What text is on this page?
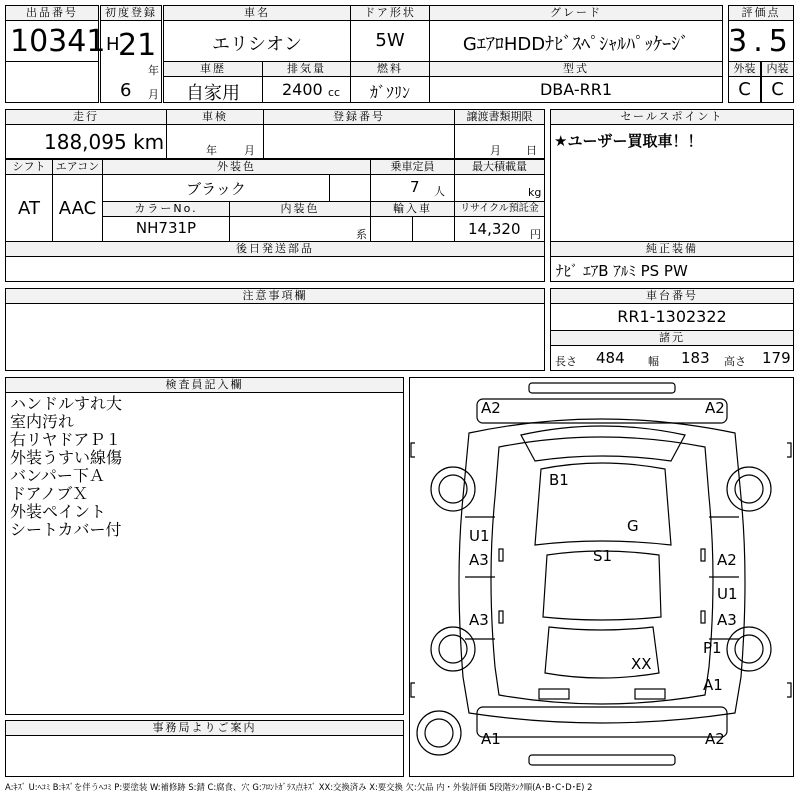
出品番号
10341
初度登録
H
21
年
6 月
車名
エリシオン
ドア形状
5W
グレード
GｴｱﾛHDDﾅﾋﾞｽﾍﾟｼｬﾙﾊﾟｯｹｰｼﾞ
評価点
3.5
車歴
自家用
排気量
2400 cc
燃料
ｶﾞｿﾘﾝ
型式
DBA-RR1
外装
C
内装
C
走行
188,095 km
車検
年 月
登録番号	譲渡書類期限
月 日
セールスポイント
★ユーザー買取車！！
シフト
AT
エアコン
AAC
外装色
ブラック
乗車定員
7 人
最大積載量
kg
カラーNo.
NH731P
内装色
系
輸入車	リサイクル預託金
14,320 円
後日発送部品	純正装備
ﾅﾋﾞ ｴｱB ｱﾙﾐ PS PW
注意事項欄	車台番号
RR1-1302322
諸元
長さ 484 幅 183 高さ 179
検査員記入欄
ハンドルすれ大
室内汚れ
右リヤドアＰ１
外装うすい線傷
バンパー下Ａ
ドアノブＸ
外装ペイント
シートカバー付
事務局よりご案内
A2	A2
B1
G
U1
A3	S1	A2
U1
A3	A3
P1
XX
A1
A1	A2
A:ｷｽﾞ U:ﾍｺﾐ B:ｷｽﾞを伴うﾍｺﾐ P:要塗装 W:補修跡 S:錆 C:腐食、穴 G:ﾌﾛﾝﾄｶﾞﾗｽ点ｷｽﾞ XX:交換済み X:要交換 欠:欠品 内・外装評価 5段階ﾗﾝｸ順(A･B･C･D･E) 2
